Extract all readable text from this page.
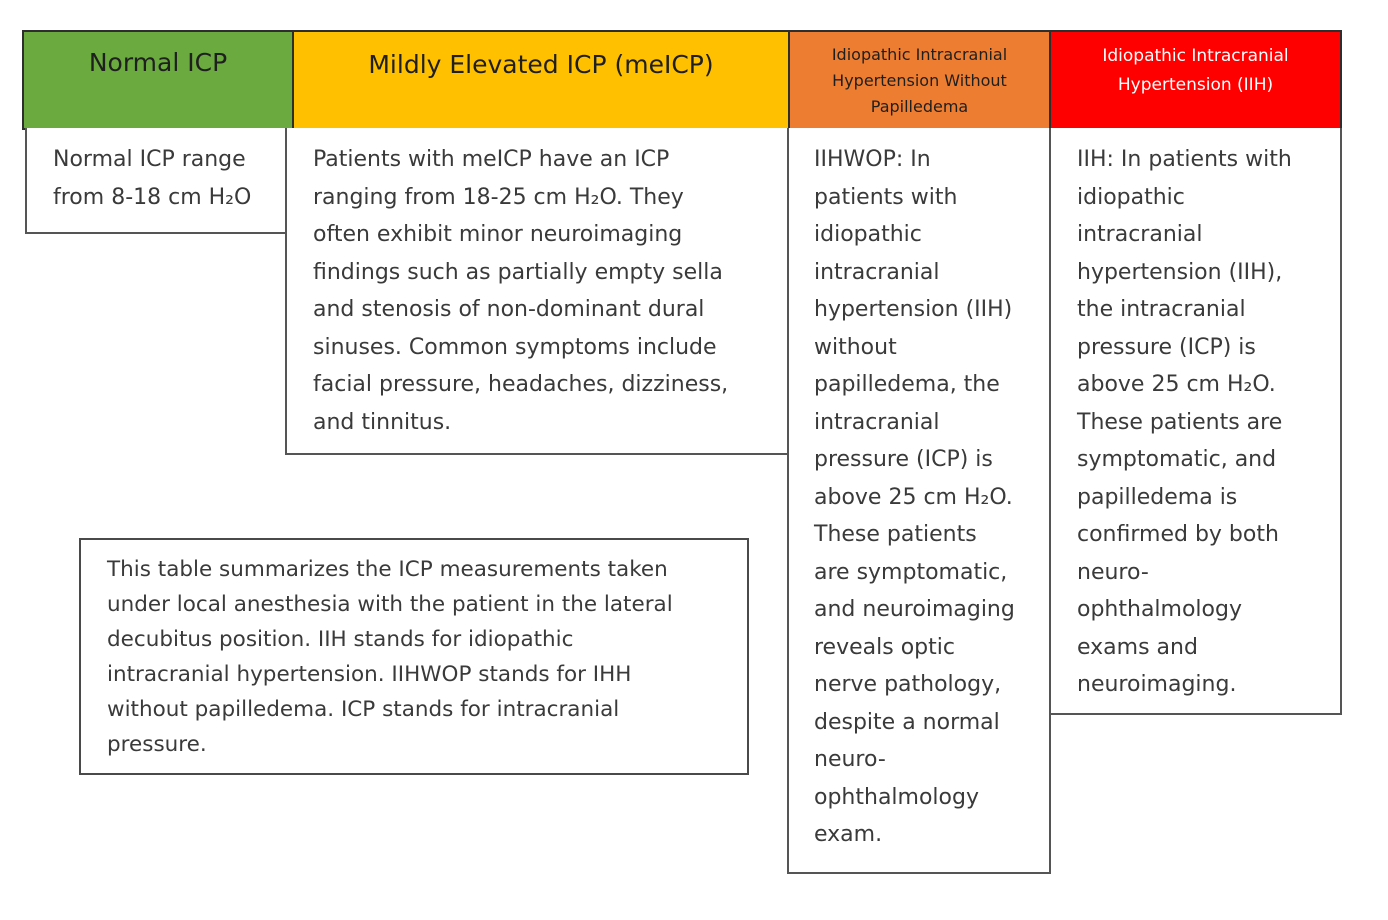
Normal ICP	Mildly Elevated ICP (meICP)	Idiopathic Intracranial
Hypertension Without
Papilledema
Idiopathic Intracranial
Hypertension (IIH)
Normal ICP range
from 8-18 cm H₂O
Patients with meICP have an ICP
ranging from 18-25 cm H₂O. They
often exhibit minor neuroimaging
findings such as partially empty sella
and stenosis of non-dominant dural
sinuses. Common symptoms include
facial pressure, headaches, dizziness,
and tinnitus.
IIHWOP: In
patients with
idiopathic
intracranial
hypertension (IIH)
without
papilledema, the
intracranial
pressure (ICP) is
above 25 cm H₂O.
These patients
are symptomatic,
and neuroimaging
reveals optic
nerve pathology,
despite a normal
neuro-
ophthalmology
exam.
IIH: In patients with
idiopathic
intracranial
hypertension (IIH),
the intracranial
pressure (ICP) is
above 25 cm H₂O.
These patients are
symptomatic, and
papilledema is
confirmed by both
neuro-
ophthalmology
exams and
neuroimaging.
This table summarizes the ICP measurements taken
under local anesthesia with the patient in the lateral
decubitus position. IIH stands for idiopathic
intracranial hypertension. IIHWOP stands for IHH
without papilledema. ICP stands for intracranial
pressure.
